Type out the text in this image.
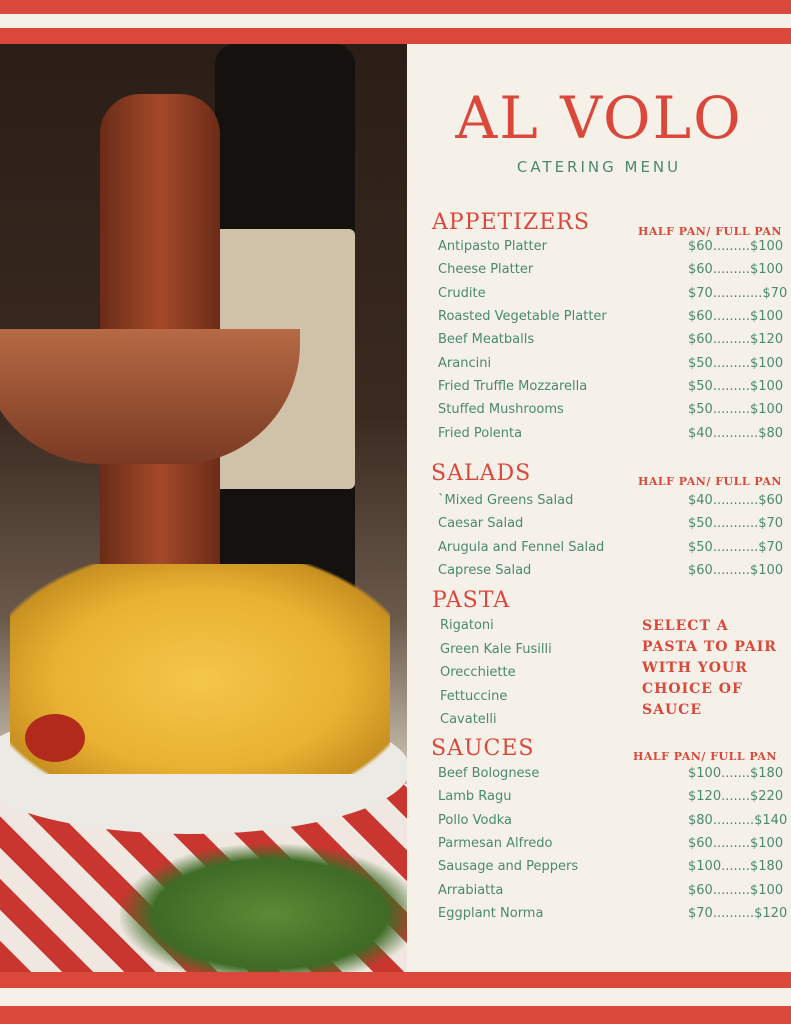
AL VOLO
CATERING MENU
APPETIZERS	HALF PAN/ FULL PAN
Antipasto Platter	$60.........$100
Cheese Platter	$60.........$100
Crudite	$70............$70
Roasted Vegetable Platter	$60.........$100
Beef Meatballs	$60.........$120
Arancini	$50.........$100
Fried Truffle Mozzarella	$50.........$100
Stuffed Mushrooms	$50.........$100
Fried Polenta	$40...........$80
SALADS	HALF PAN/ FULL PAN
`Mixed Greens Salad	$40...........$60
Caesar Salad	$50...........$70
Arugula and Fennel Salad	$50...........$70
Caprese Salad	$60.........$100
PASTA
Rigatoni
Green Kale Fusilli
Orecchiette
Fettuccine
Cavatelli
SELECT A PASTA TO PAIR WITH YOUR CHOICE OF SAUCE
SAUCES	HALF PAN/ FULL PAN
Beef Bolognese	$100.......$180
Lamb Ragu	$120.......$220
Pollo Vodka	$80..........$140
Parmesan Alfredo	$60.........$100
Sausage and Peppers	$100.......$180
Arrabiatta	$60.........$100
Eggplant Norma	$70..........$120
